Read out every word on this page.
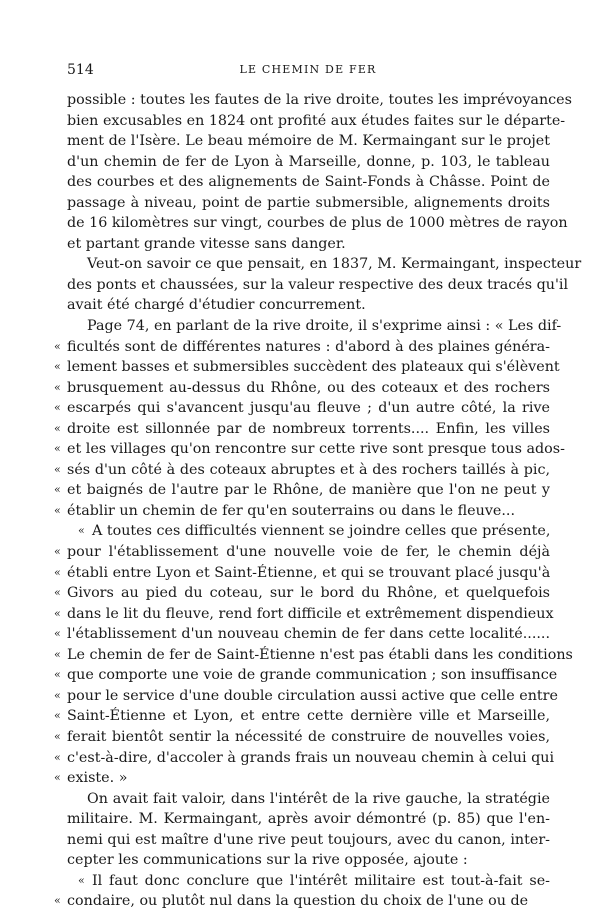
514	LE CHEMIN DE FER
possible : toutes les fautes de la rive droite, toutes les imprévoyances
bien excusables en 1824 ont profité aux études faites sur le départe-
ment de l'Isère. Le beau mémoire de M. Kermaingant sur le projet
d'un chemin de fer de Lyon à Marseille, donne, p. 103, le tableau
des courbes et des alignements de Saint-Fonds à Châsse. Point de
passage à niveau, point de partie submersible, alignements droits
de 16 kilomètres sur vingt, courbes de plus de 1000 mètres de rayon
et partant grande vitesse sans danger.
Veut-on savoir ce que pensait, en 1837, M. Kermaingant, inspecteur
des ponts et chaussées, sur la valeur respective des deux tracés qu'il
avait été chargé d'étudier concurrement.
Page 74, en parlant de la rive droite, il s'exprime ainsi : « Les dif-
« ficultés sont de différentes natures : d'abord à des plaines généra-
« lement basses et submersibles succèdent des plateaux qui s'élèvent
« brusquement au-dessus du Rhône, ou des coteaux et des rochers
« escarpés qui s'avancent jusqu'au fleuve ; d'un autre côté, la rive
« droite est sillonnée par de nombreux torrents.... Enfin, les villes
« et les villages qu'on rencontre sur cette rive sont presque tous ados-
« sés d'un côté à des coteaux abruptes et à des rochers taillés à pic,
« et baignés de l'autre par le Rhône, de manière que l'on ne peut y
« établir un chemin de fer qu'en souterrains ou dans le fleuve...
« A toutes ces difficultés viennent se joindre celles que présente,
« pour l'établissement d'une nouvelle voie de fer, le chemin déjà
« établi entre Lyon et Saint-Étienne, et qui se trouvant placé jusqu'à
« Givors au pied du coteau, sur le bord du Rhône, et quelquefois
« dans le lit du fleuve, rend fort difficile et extrêmement dispendieux
« l'établissement d'un nouveau chemin de fer dans cette localité......
« Le chemin de fer de Saint-Étienne n'est pas établi dans les conditions
« que comporte une voie de grande communication ; son insuffisance
« pour le service d'une double circulation aussi active que celle entre
« Saint-Étienne et Lyon, et entre cette dernière ville et Marseille,
« ferait bientôt sentir la nécessité de construire de nouvelles voies,
« c'est-à-dire, d'accoler à grands frais un nouveau chemin à celui qui
« existe. »
On avait fait valoir, dans l'intérêt de la rive gauche, la stratégie
militaire. M. Kermaingant, après avoir démontré (p. 85) que l'en-
nemi qui est maître d'une rive peut toujours, avec du canon, inter-
cepter les communications sur la rive opposée, ajoute :
« Il faut donc conclure que l'intérêt militaire est tout-à-fait se-
« condaire, ou plutôt nul dans la question du choix de l'une ou de
